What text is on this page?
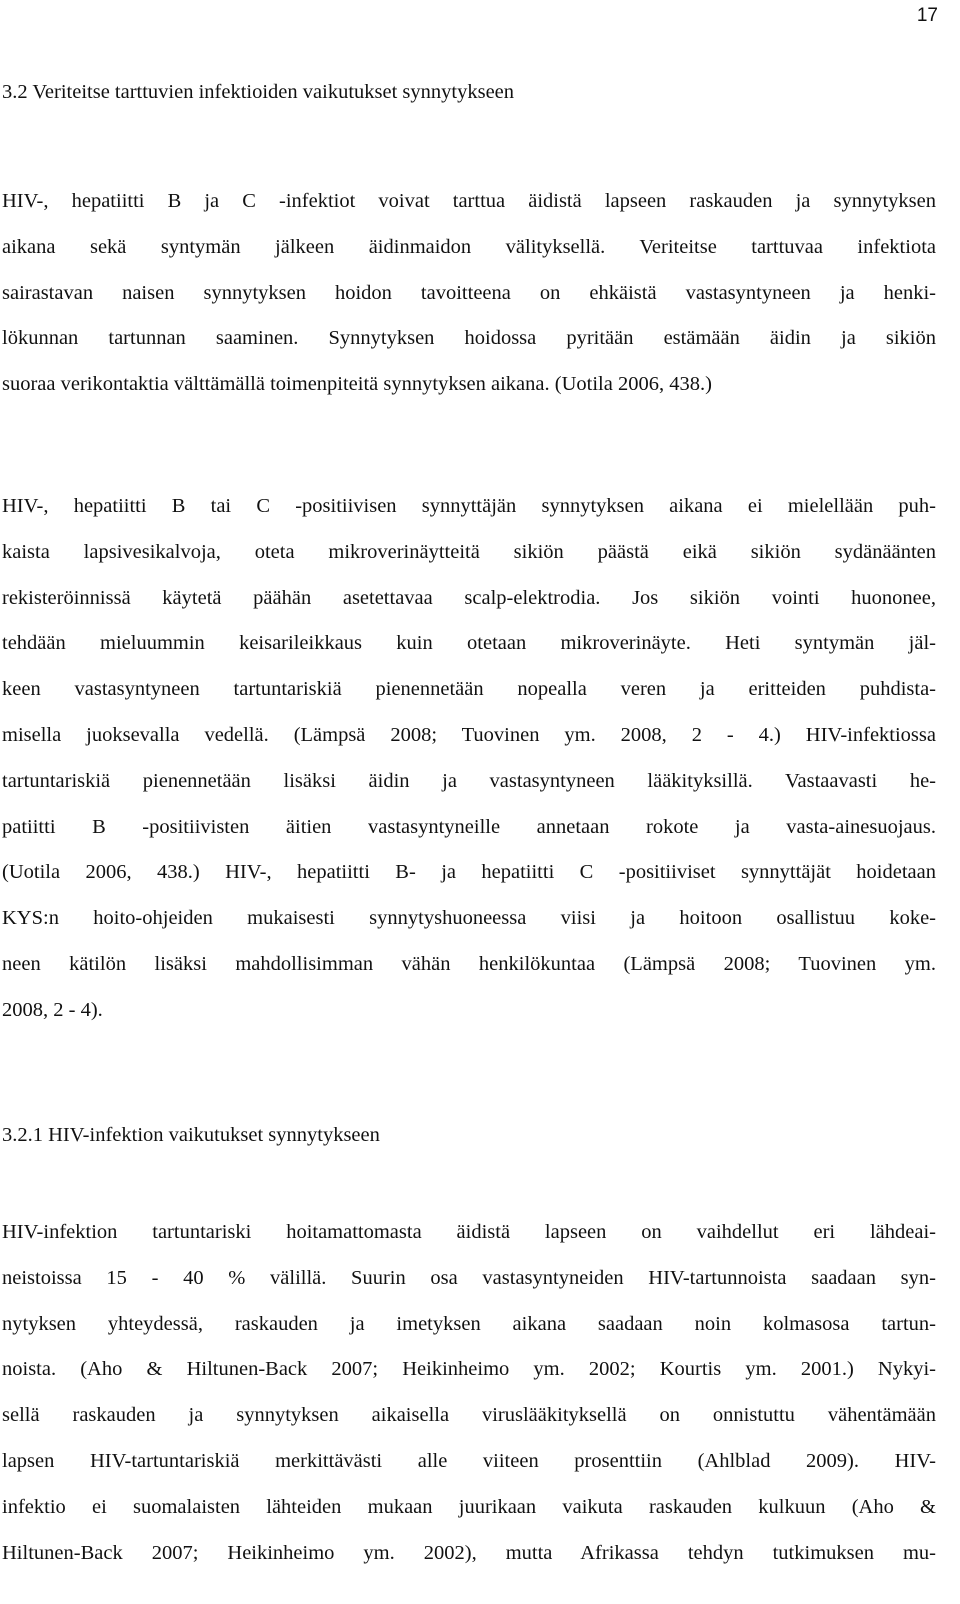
17
3.2 Veriteitse tarttuvien infektioiden vaikutukset synnytykseen

HIV-, hepatiitti B ja C -infektiot voivat tarttua äidistä lapseen raskauden ja synnytyksen
aikana sekä syntymän jälkeen äidinmaidon välityksellä. Veriteitse tarttuvaa infektiota
sairastavan naisen synnytyksen hoidon tavoitteena on ehkäistä vastasyntyneen ja henki-
lökunnan tartunnan saaminen. Synnytyksen hoidossa pyritään estämään äidin ja sikiön
suoraa verikontaktia välttämällä toimenpiteitä synnytyksen aikana. (Uotila 2006, 438.)

HIV-, hepatiitti B tai C -positiivisen synnyttäjän synnytyksen aikana ei mielellään puh-
kaista lapsivesikalvoja, oteta mikroverinäytteitä sikiön päästä eikä sikiön sydänäänten
rekisteröinnissä käytetä päähän asetettavaa scalp-elektrodia. Jos sikiön vointi huononee,
tehdään mieluummin keisarileikkaus kuin otetaan mikroverinäyte. Heti syntymän jäl-
keen vastasyntyneen tartuntariskiä pienennetään nopealla veren ja eritteiden puhdista-
misella juoksevalla vedellä. (Lämpsä 2008; Tuovinen ym. 2008, 2 - 4.) HIV-infektiossa
tartuntariskiä pienennetään lisäksi äidin ja vastasyntyneen lääkityksillä. Vastaavasti he-
patiitti B -positiivisten äitien vastasyntyneille annetaan rokote ja vasta-ainesuojaus.
(Uotila 2006, 438.) HIV-, hepatiitti B- ja hepatiitti C -positiiviset synnyttäjät hoidetaan
KYS:n hoito-ohjeiden mukaisesti synnytyshuoneessa viisi ja hoitoon osallistuu koke-
neen kätilön lisäksi mahdollisimman vähän henkilökuntaa (Lämpsä 2008; Tuovinen ym.
2008, 2 - 4).

3.2.1 HIV-infektion vaikutukset synnytykseen

HIV-infektion tartuntariski hoitamattomasta äidistä lapseen on vaihdellut eri lähdeai-
neistoissa 15 - 40 % välillä. Suurin osa vastasyntyneiden HIV-tartunnoista saadaan syn-
nytyksen yhteydessä, raskauden ja imetyksen aikana saadaan noin kolmasosa tartun-
noista. (Aho & Hiltunen-Back 2007; Heikinheimo ym. 2002; Kourtis ym. 2001.) Nykyi-
sellä raskauden ja synnytyksen aikaisella viruslääkityksellä on onnistuttu vähentämään
lapsen HIV-tartuntariskiä merkittävästi alle viiteen prosenttiin (Ahlblad 2009). HIV-
infektio ei suomalaisten lähteiden mukaan juurikaan vaikuta raskauden kulkuun (Aho &
Hiltunen-Back 2007; Heikinheimo ym. 2002), mutta Afrikassa tehdyn tutkimuksen mu-
